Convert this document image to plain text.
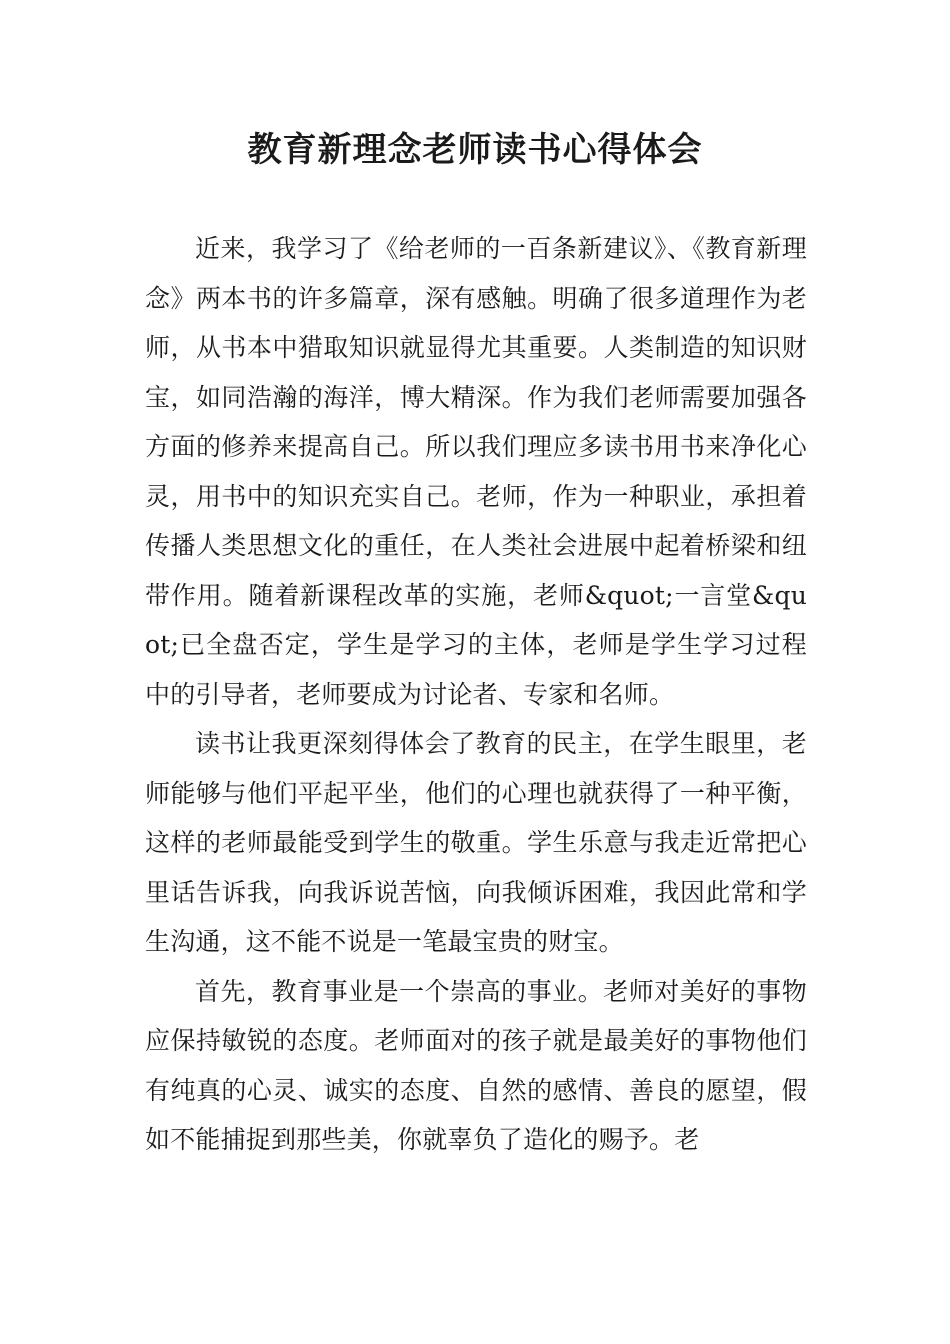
教育新理念老师读书心得体会

近来，我学习了《给老师的一百条新建议》、《教育新理念》两本书的许多篇章，深有感触。明确了很多道理作为老师，从书本中猎取知识就显得尤其重要。人类制造的知识财宝，如同浩瀚的海洋，博大精深。作为我们老师需要加强各方面的修养来提高自己。所以我们理应多读书用书来净化心灵，用书中的知识充实自己。老师，作为一种职业，承担着传播人类思想文化的重任，在人类社会进展中起着桥梁和纽带作用。随着新课程改革的实施，老师&quot;一言堂&quot;已全盘否定，学生是学习的主体，老师是学生学习过程中的引导者，老师要成为讨论者、专家和名师。

读书让我更深刻得体会了教育的民主，在学生眼里，老师能够与他们平起平坐，他们的心理也就获得了一种平衡，这样的老师最能受到学生的敬重。学生乐意与我走近常把心里话告诉我，向我诉说苦恼，向我倾诉困难，我因此常和学生沟通，这不能不说是一笔最宝贵的财宝。

首先，教育事业是一个崇高的事业。老师对美好的事物应保持敏锐的态度。老师面对的孩子就是最美好的事物他们有纯真的心灵、诚实的态度、自然的感情、善良的愿望，假如不能捕捉到那些美，你就辜负了造化的赐予。老
